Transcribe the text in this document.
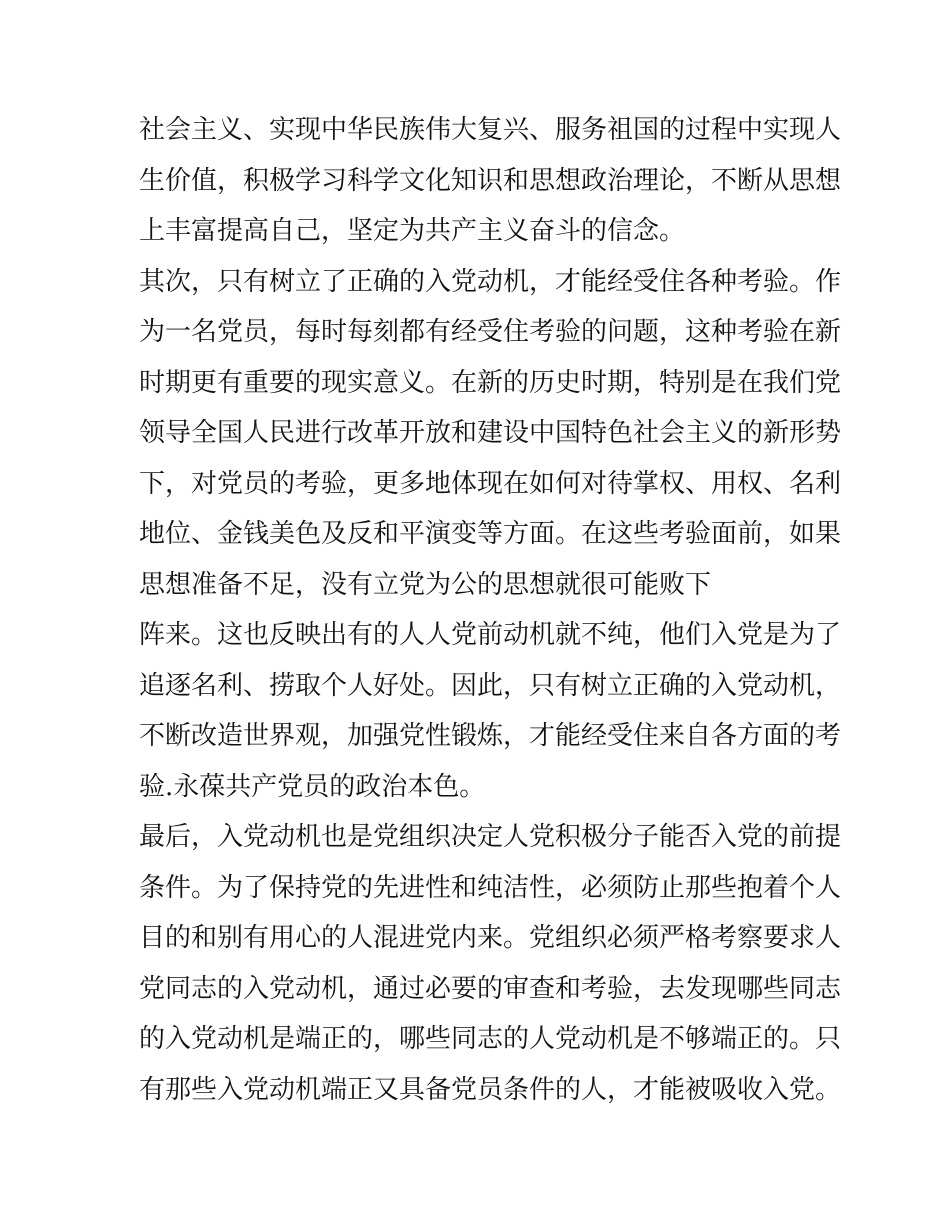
社会主义、实现中华民族伟大复兴、服务祖国的过程中实现人
生价值，积极学习科学文化知识和思想政治理论，不断从思想
上丰富提高自己，坚定为共产主义奋斗的信念。
其次，只有树立了正确的入党动机，才能经受住各种考验。作
为一名党员，每时每刻都有经受住考验的问题，这种考验在新
时期更有重要的现实意义。在新的历史时期，特别是在我们党
领导全国人民进行改革开放和建设中国特色社会主义的新形势
下，对党员的考验，更多地体现在如何对待掌权、用权、名利
地位、金钱美色及反和平演变等方面。在这些考验面前，如果
思想准备不足，没有立党为公的思想就很可能败下
阵来。这也反映出有的人人党前动机就不纯，他们入党是为了
追逐名利、捞取个人好处。因此，只有树立正确的入党动机，
不断改造世界观，加强党性锻炼，才能经受住来自各方面的考
验.永葆共产党员的政治本色。
最后，入党动机也是党组织决定人党积极分子能否入党的前提
条件。为了保持党的先进性和纯洁性，必须防止那些抱着个人
目的和别有用心的人混进党内来。党组织必须严格考察要求人
党同志的入党动机，通过必要的审查和考验，去发现哪些同志
的入党动机是端正的，哪些同志的人党动机是不够端正的。只
有那些入党动机端正又具备党员条件的人，才能被吸收入党。
